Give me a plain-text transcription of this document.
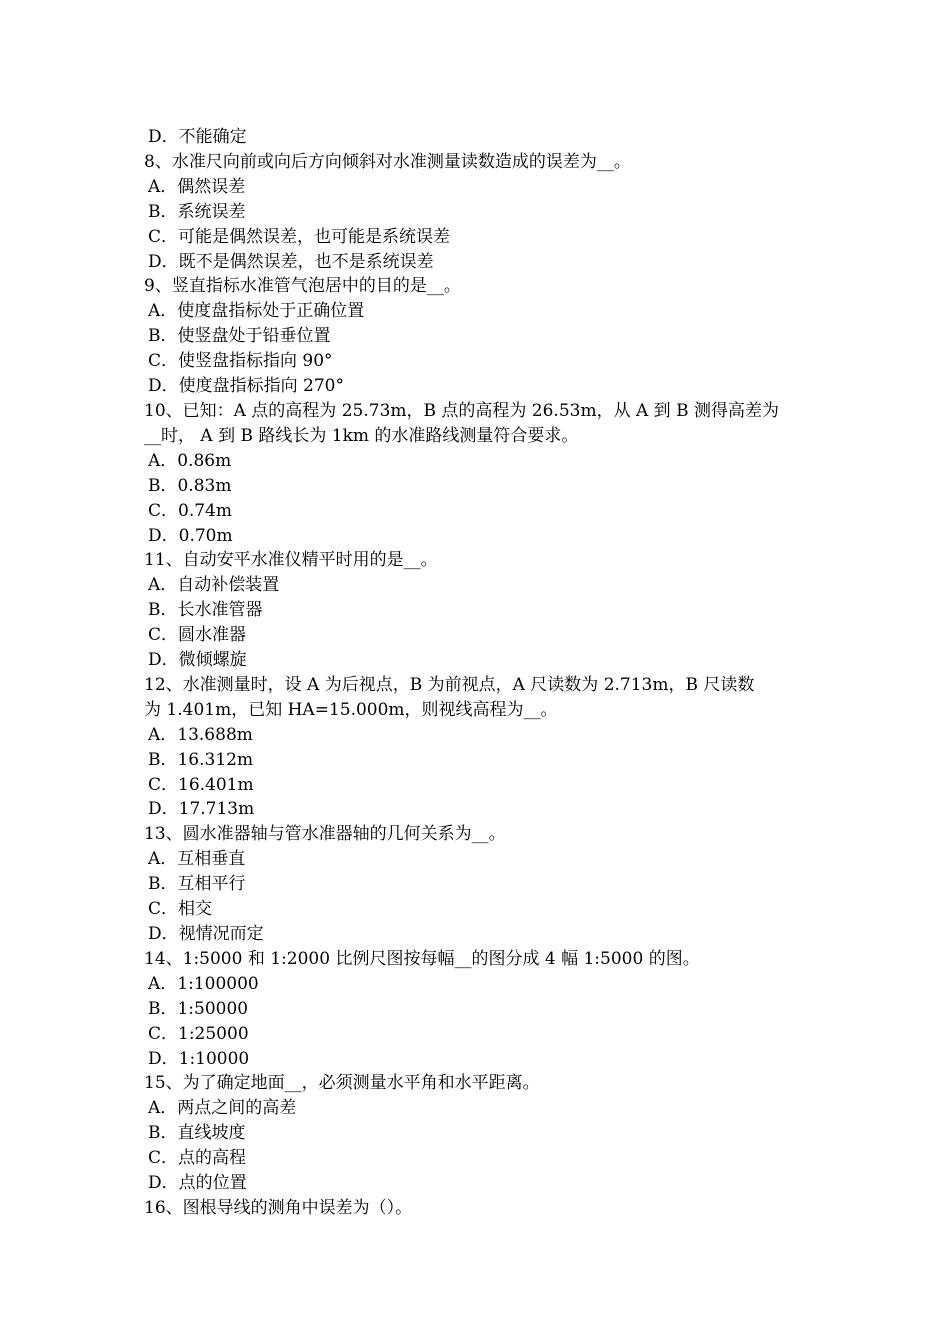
D．不能确定
8、水准尺向前或向后方向倾斜对水准测量读数造成的误差为__。
A．偶然误差
B．系统误差
C．可能是偶然误差，也可能是系统误差
D．既不是偶然误差，也不是系统误差
9、竖直指标水准管气泡居中的目的是__。
A．使度盘指标处于正确位置
B．使竖盘处于铅垂位置
C．使竖盘指标指向 90°
D．使度盘指标指向 270°
10、已知：A 点的高程为 25.73m，B 点的高程为 26.53m，从 A 到 B 测得高差为
__时， A 到 B 路线长为 1km 的水准路线测量符合要求。
A．0.86m
B．0.83m
C．0.74m
D．0.70m
11、自动安平水准仪精平时用的是__。
A．自动补偿装置
B．长水准管器
C．圆水准器
D．微倾螺旋
12、水准测量时，设 A 为后视点，B 为前视点，A 尺读数为 2.713m，B 尺读数
为 1.401m，已知 HA=15.000m，则视线高程为__。
A．13.688m
B．16.312m
C．16.401m
D．17.713m
13、圆水准器轴与管水准器轴的几何关系为__。
A．互相垂直
B．互相平行
C．相交
D．视情况而定
14、1:5000 和 1:2000 比例尺图按每幅__的图分成 4 幅 1:5000 的图。
A．1:100000
B．1:50000
C．1:25000
D．1:10000
15、为了确定地面__，必须测量水平角和水平距离。
A．两点之间的高差
B．直线坡度
C．点的高程
D．点的位置
16、图根导线的测角中误差为（）。
